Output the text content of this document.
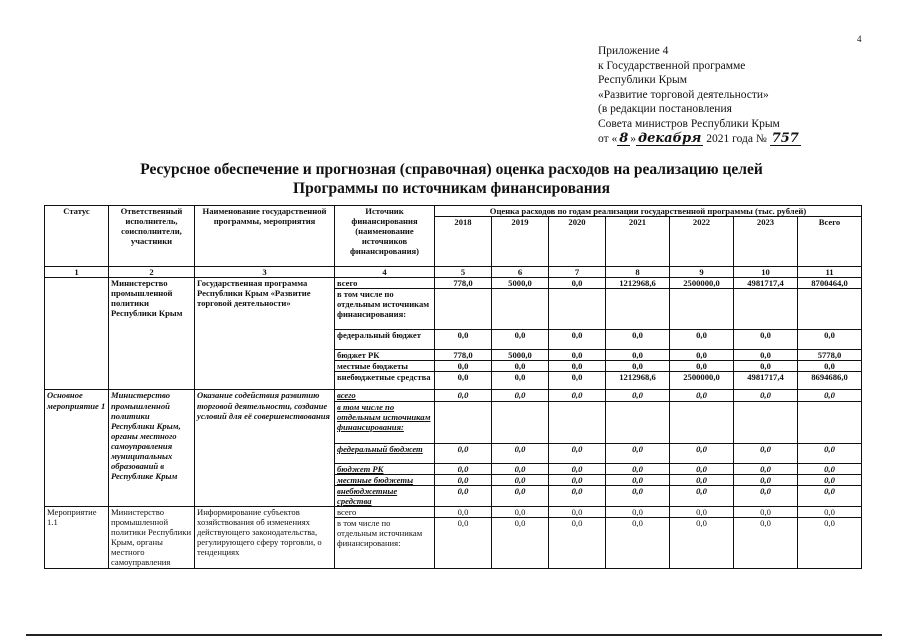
4
Приложение 4
к Государственной программе
Республики Крым
«Развитие торговой деятельности»
(в редакции постановления
Совета министров Республики Крым
от « 8 » декабря 2021 года № 757
Ресурсное обеспечение и прогнозная (справочная) оценка расходов на реализацию целей
Программы по источникам финансирования
Статус	Ответственный исполнитель, соисполнители, участники	Наименование государственной программы, мероприятия	Источник финансирования (наименование источников финансирования)	Оценка расходов по годам реализации государственной программы (тыс. рублей)						
				2018	2019	2020	2021	2022	2023	Всего
1	2	3	4	5	6	7	8	9	10	11
	Министерство промышленной политики Республики Крым	Государственная программа Республики Крым «Развитие торговой деятельности»	всего	778,0	5000,0	0,0	1212968,6	2500000,0	4981717,4	8700464,0
			в том числе по отдельным источникам финансирования:							
			федеральный бюджет	0,0	0,0	0,0	0,0	0,0	0,0	0,0
			бюджет РК	778,0	5000,0	0,0	0,0	0,0	0,0	5778,0
			местные бюджеты	0,0	0,0	0,0	0,0	0,0	0,0	0,0
			внебюджетные средства	0,0	0,0	0,0	1212968,6	2500000,0	4981717,4	8694686,0
Основное мероприятие 1	Министерство промышленной политики Республики Крым, органы местного самоуправления муниципальных образований в Республике Крым	Оказание содействия развитию торговой деятельности, создание условий для её совершенствования	всего	0,0	0,0	0,0	0,0	0,0	0,0	0,0
			в том числе по отдельным источникам финансирования:							
			федеральный бюджет	0,0	0,0	0,0	0,0	0,0	0,0	0,0
			бюджет РК	0,0	0,0	0,0	0,0	0,0	0,0	0,0
			местные бюджеты	0,0	0,0	0,0	0,0	0,0	0,0	0,0
			внебюджетные средства	0,0	0,0	0,0	0,0	0,0	0,0	0,0
Мероприятие 1.1	Министерство промышленной политики Республики Крым, органы местного самоуправления	Информирование субъектов хозяйствования об изменениях действующего законодательства, регулирующего сферу торговли, о тенденциях	всего	0,0	0,0	0,0	0,0	0,0	0,0	0,0
			в том числе по отдельным источникам финансирования:	0,0	0,0	0,0	0,0	0,0	0,0	0,0
